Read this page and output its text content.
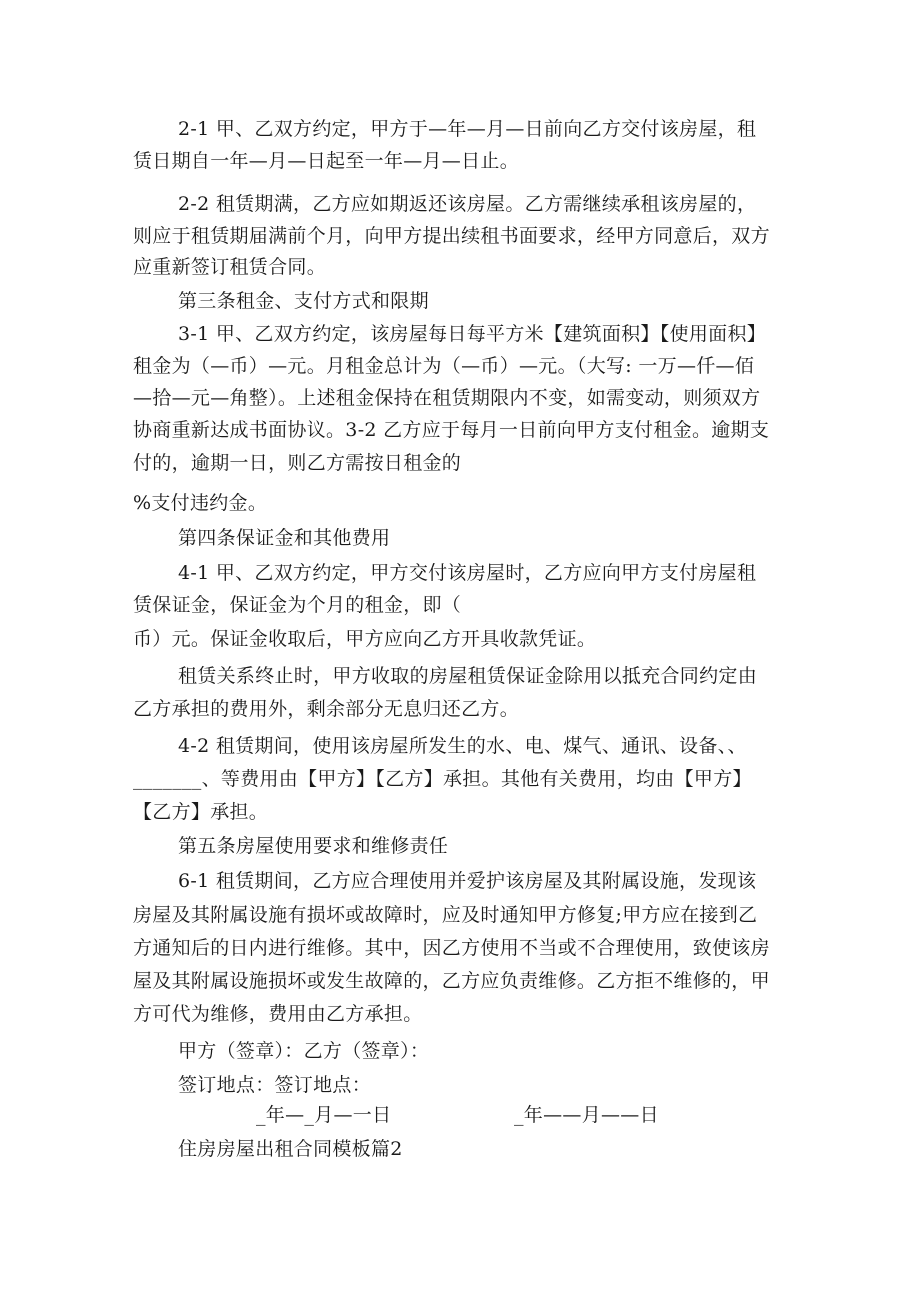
2-1 甲、乙双方约定，甲方于—年—月—日前向乙方交付该房屋，租
赁日期自一年—月—日起至一年—月—日止。
2-2 租赁期满，乙方应如期返还该房屋。乙方需继续承租该房屋的，
则应于租赁期届满前个月，向甲方提出续租书面要求，经甲方同意后，双方
应重新签订租赁合同。
第三条租金、支付方式和限期
3-1 甲、乙双方约定，该房屋每日每平方米【建筑面积】【使用面积】
租金为（—币）—元。月租金总计为（—币）—元。（大写: 一万—仟—佰
—拾—元—角整）。上述租金保持在租赁期限内不变，如需变动，则须双方
协商重新达成书面协议。3-2 乙方应于每月一日前向甲方支付租金。逾期支
付的，逾期一日，则乙方需按日租金的
%支付违约金。
第四条保证金和其他费用
4-1 甲、乙双方约定，甲方交付该房屋时，乙方应向甲方支付房屋租
赁保证金，保证金为个月的租金，即（
币）元。保证金收取后，甲方应向乙方开具收款凭证。
租赁关系终止时，甲方收取的房屋租赁保证金除用以抵充合同约定由
乙方承担的费用外，剩余部分无息归还乙方。
4-2 租赁期间，使用该房屋所发生的水、电、煤气、通讯、设备、、
_______、等费用由【甲方】【乙方】承担。其他有关费用，均由【甲方】
【乙方】承担。
第五条房屋使用要求和维修责任
6-1 租赁期间，乙方应合理使用并爱护该房屋及其附属设施，发现该
房屋及其附属设施有损坏或故障时，应及时通知甲方修复;甲方应在接到乙
方通知后的日内进行维修。其中，因乙方使用不当或不合理使用，致使该房
屋及其附属设施损坏或发生故障的，乙方应负责维修。乙方拒不维修的，甲
方可代为维修，费用由乙方承担。
甲方（签章）：乙方（签章）：
签订地点：签订地点：
_年—_月—一日	_年——月——日
住房房屋出租合同模板篇2
